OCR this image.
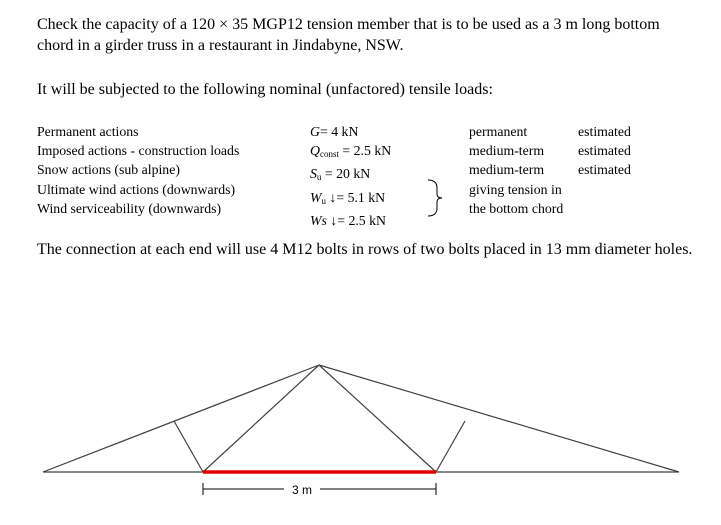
Check the capacity of a 120 × 35 MGP12 tension member that is to be used as a 3 m long bottom chord in a girder truss in a restaurant in Jindabyne, NSW.

It will be subjected to the following nominal (unfactored) tensile loads:

Permanent actions
Imposed actions - construction loads
Snow actions (sub alpine)
Ultimate wind actions (downwards)
Wind serviceability (downwards)
G= 4 kN
$Q_{const} = 2.5$ kN
$S_u = 20$ kN
$W_u$ ↓= 5.1 kN
Ws ↓= 2.5 kN
permanent
medium-term
medium-term
giving tension in
the bottom chord
estimated
estimated
estimated

The connection at each end will use 4 M12 bolts in rows of two bolts placed in 13 mm diameter holes.

3 m
